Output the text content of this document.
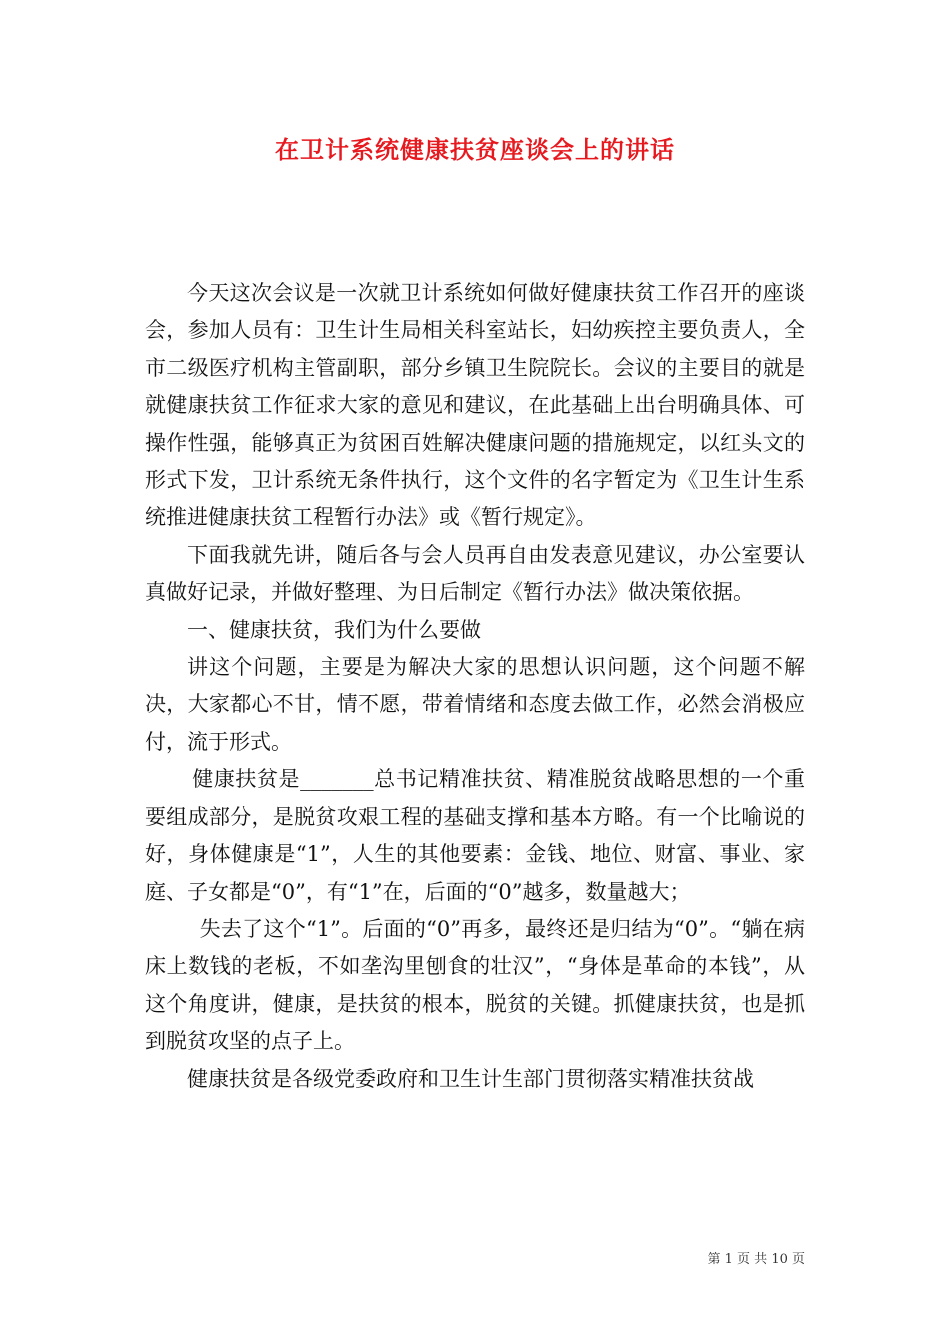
在卫计系统健康扶贫座谈会上的讲话

今天这次会议是一次就卫计系统如何做好健康扶贫工作召开的座谈会，参加人员有：卫生计生局相关科室站长，妇幼疾控主要负责人，全市二级医疗机构主管副职，部分乡镇卫生院院长。会议的主要目的就是就健康扶贫工作征求大家的意见和建议，在此基础上出台明确具体、可操作性强，能够真正为贫困百姓解决健康问题的措施规定，以红头文的形式下发，卫计系统无条件执行，这个文件的名字暂定为《卫生计生系统推进健康扶贫工程暂行办法》或《暂行规定》。

下面我就先讲，随后各与会人员再自由发表意见建议，办公室要认真做好记录，并做好整理、为日后制定《暂行办法》做决策依据。

一、健康扶贫，我们为什么要做

讲这个问题，主要是为解决大家的思想认识问题，这个问题不解决，大家都心不甘，情不愿，带着情绪和态度去做工作，必然会消极应付，流于形式。

健康扶贫是_______总书记精准扶贫、精准脱贫战略思想的一个重要组成部分，是脱贫攻艰工程的基础支撑和基本方略。有一个比喻说的好，身体健康是“1”，人生的其他要素：金钱、地位、财富、事业、家庭、子女都是“0”，有“1”在，后面的“0”越多，数量越大；

失去了这个“1”。后面的“0”再多，最终还是归结为“0”。“躺在病床上数钱的老板，不如垄沟里刨食的壮汉”，“身体是革命的本钱”，从这个角度讲，健康，是扶贫的根本，脱贫的关键。抓健康扶贫，也是抓到脱贫攻坚的点子上。

健康扶贫是各级党委政府和卫生计生部门贯彻落实精准扶贫战

第 1 页 共 10 页
